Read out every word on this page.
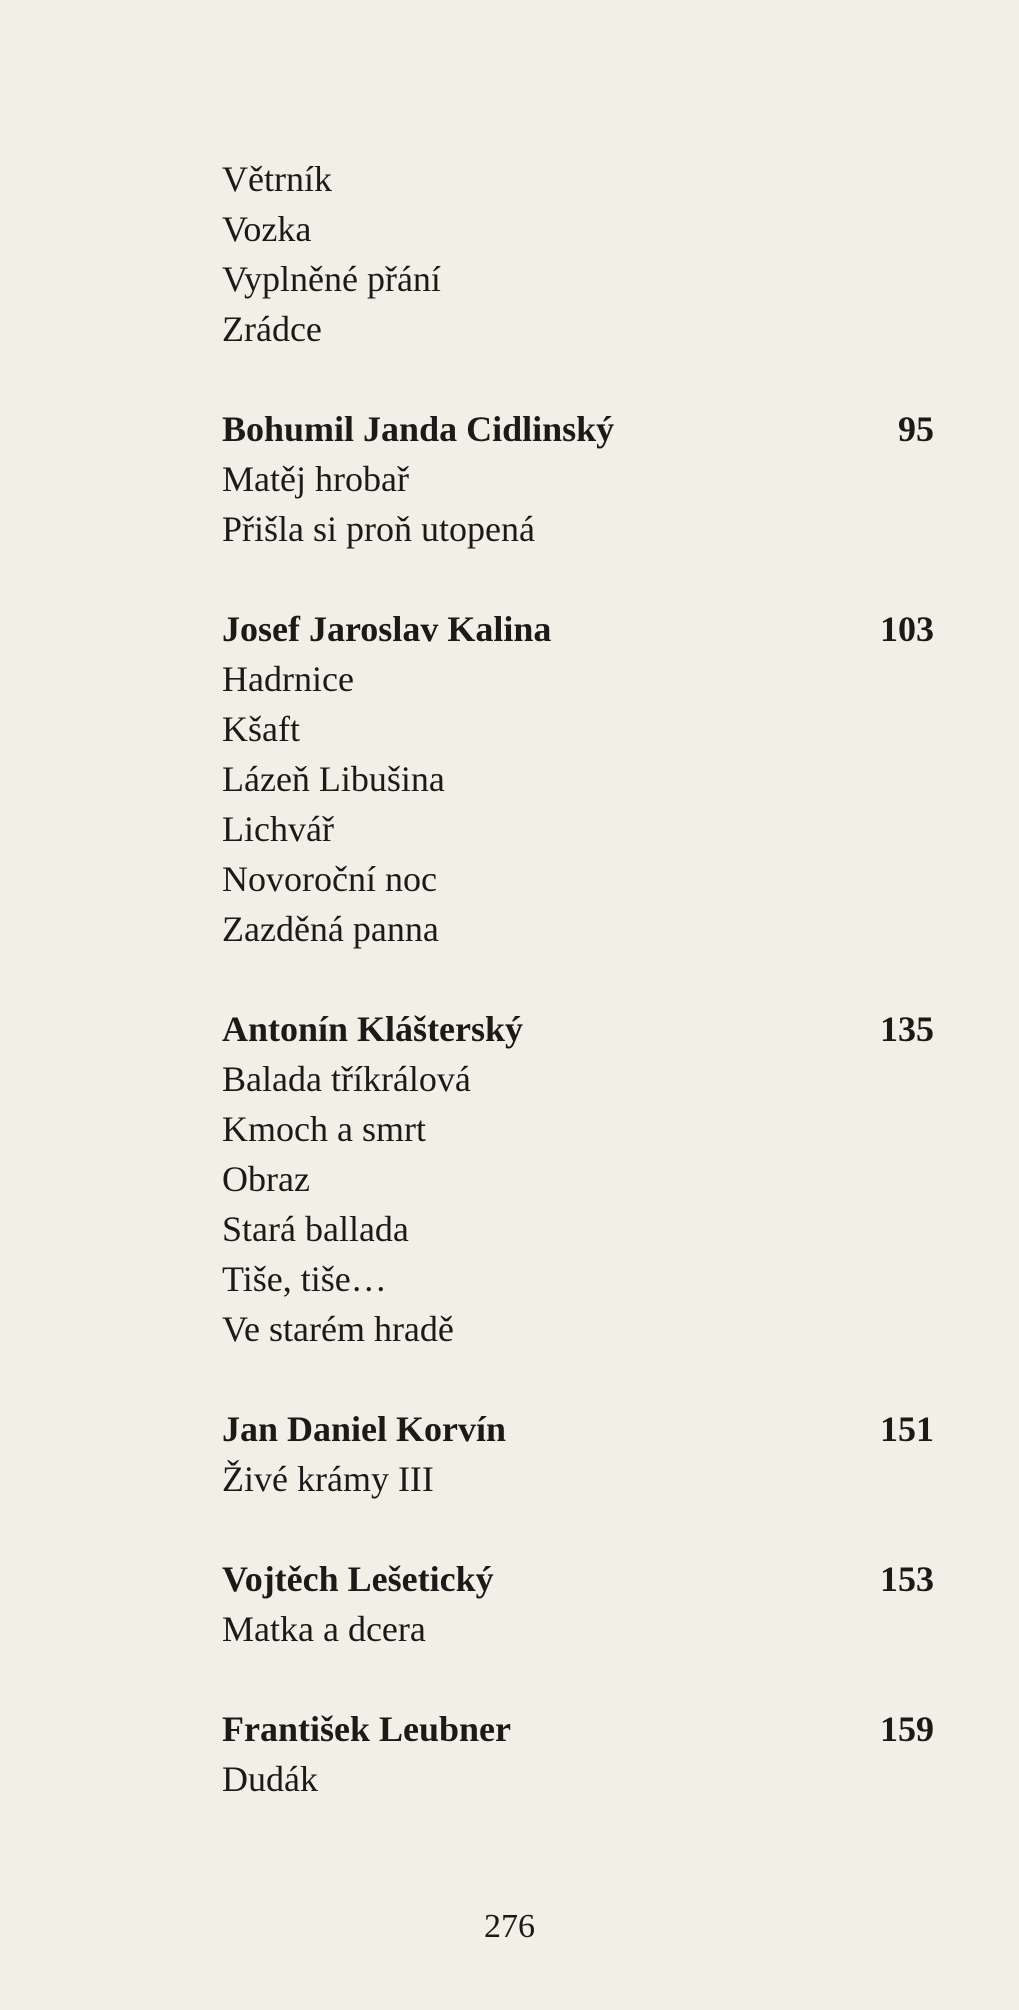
Větrník
Vozka
Vyplněné přání
Zrádce
Bohumil Janda Cidlinský	95
Matěj hrobař
Přišla si proň utopená
Josef Jaroslav Kalina	103
Hadrnice
Kšaft
Lázeň Libušina
Lichvář
Novoroční noc
Zazděná panna
Antonín Klášterský	135
Balada tříkrálová
Kmoch a smrt
Obraz
Stará ballada
Tiše, tiše…
Ve starém hradě
Jan Daniel Korvín	151
Živé krámy III
Vojtěch Lešetický	153
Matka a dcera
František Leubner	159
Dudák
276
